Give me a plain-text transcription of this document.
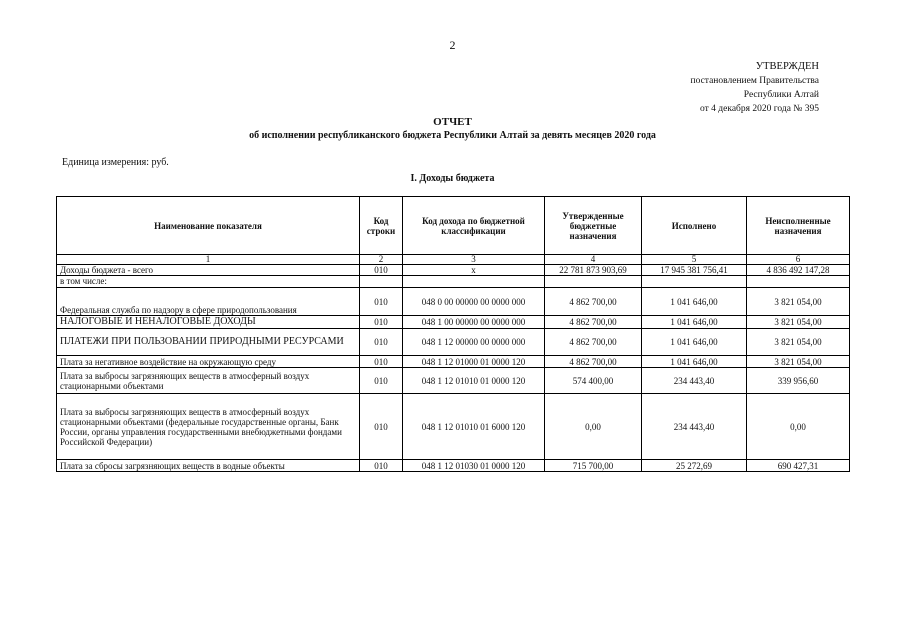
2
УТВЕРЖДЕН
постановлением Правительства
Республики Алтай
от 4 декабря 2020 года № 395
ОТЧЕТ
об исполнении республиканского бюджета Республики Алтай за девять месяцев 2020 года
Единица измерения: руб.
I. Доходы бюджета
Наименование показателя	Код строки	Код дохода по бюджетной классификации	Утвержденные бюджетные назначения	Исполнено	Неисполненные назначения
1	2	3	4	5	6
Доходы бюджета - всего	010	x	22 781 873 903,69	17 945 381 756,41	4 836 492 147,28
в том числе:					
Федеральная служба по надзору в сфере природопользования	010	048 0 00 00000 00 0000 000	4 862 700,00	1 041 646,00	3 821 054,00
НАЛОГОВЫЕ И НЕНАЛОГОВЫЕ ДОХОДЫ	010	048 1 00 00000 00 0000 000	4 862 700,00	1 041 646,00	3 821 054,00
ПЛАТЕЖИ ПРИ ПОЛЬЗОВАНИИ ПРИРОДНЫМИ РЕСУРСАМИ	010	048 1 12 00000 00 0000 000	4 862 700,00	1 041 646,00	3 821 054,00
Плата за негативное воздействие на окружающую среду	010	048 1 12 01000 01 0000 120	4 862 700,00	1 041 646,00	3 821 054,00
Плата за выбросы загрязняющих веществ в атмосферный воздух стационарными объектами	010	048 1 12 01010 01 0000 120	574 400,00	234 443,40	339 956,60
Плата за выбросы загрязняющих веществ в атмосферный воздух стационарными объектами (федеральные государственные органы, Банк России, органы управления государственными внебюджетными фондами Российской Федерации)	010	048 1 12 01010 01 6000 120	0,00	234 443,40	0,00
Плата за сбросы загрязняющих веществ в водные объекты	010	048 1 12 01030 01 0000 120	715 700,00	25 272,69	690 427,31
